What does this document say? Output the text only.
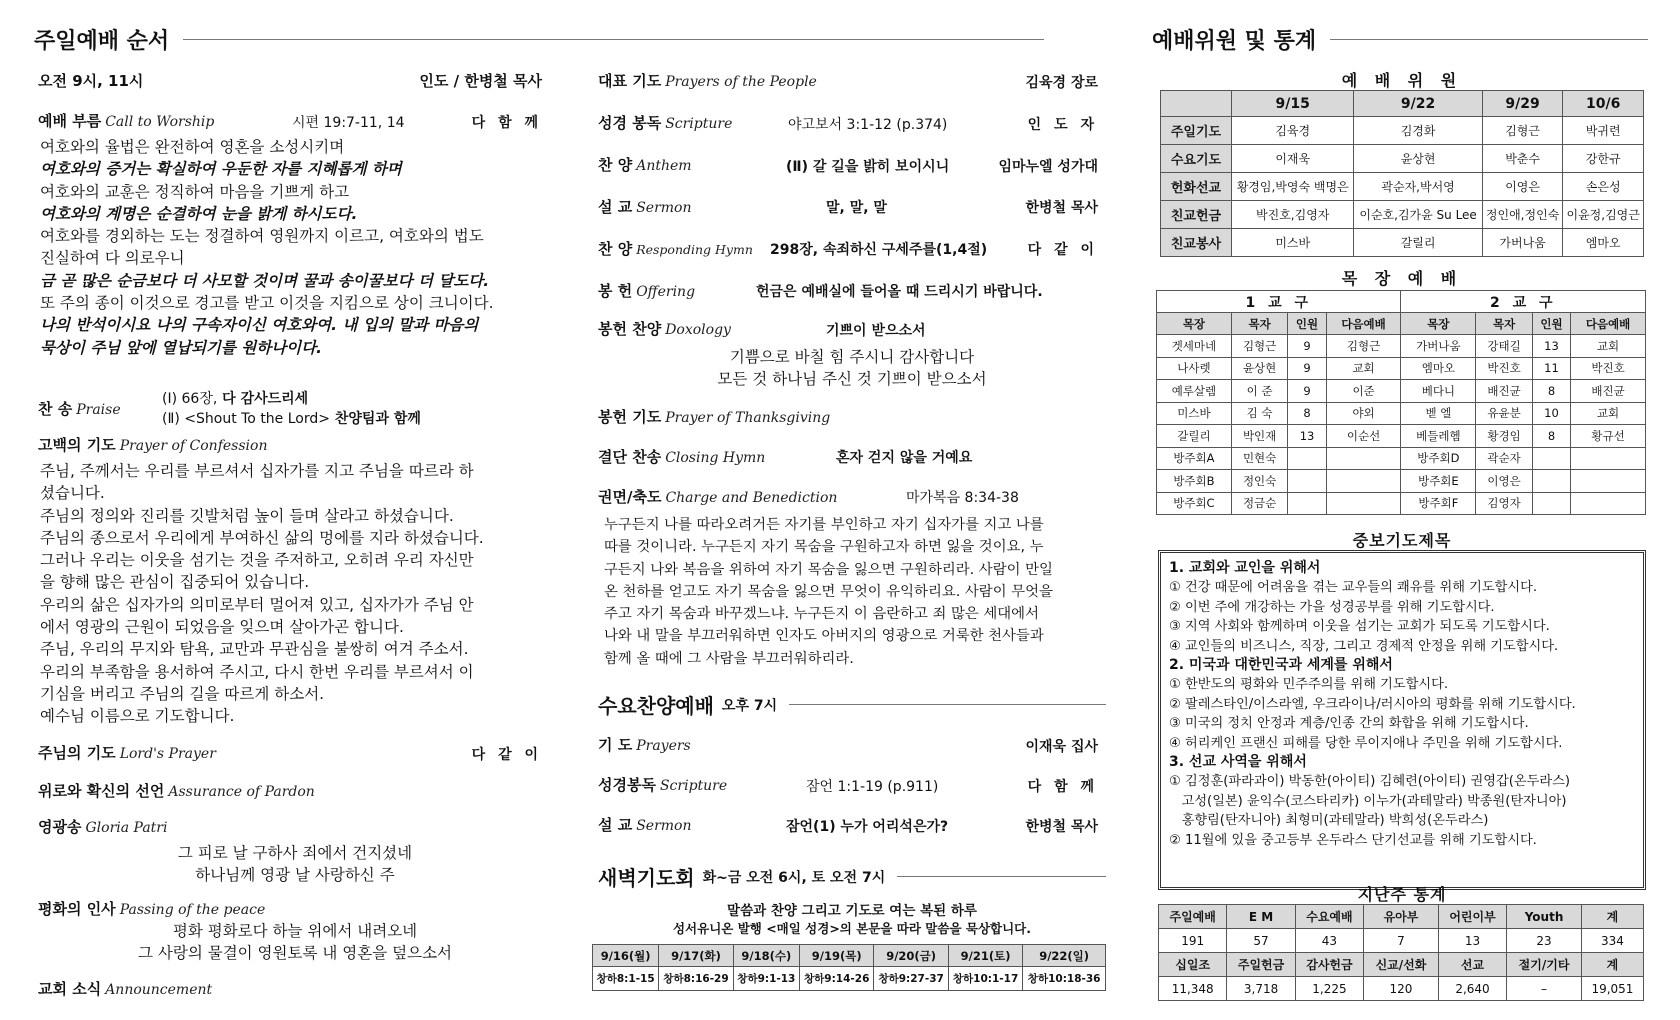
주일예배 순서
오전 9시, 11시	인도 / 한병철 목사
예배 부름 Call to Worship	시편 19:7-11, 14	다 함 께
여호와의 율법은 완전하여 영혼을 소성시키며
여호와의 증거는 확실하여 우둔한 자를 지혜롭게 하며
여호와의 교훈은 정직하여 마음을 기쁘게 하고
여호와의 계명은 순결하여 눈을 밝게 하시도다.
여호와를 경외하는 도는 정결하여 영원까지 이르고, 여호와의 법도
진실하여 다 의로우니
금 곧 많은 순금보다 더 사모할 것이며 꿀과 송이꿀보다 더 달도다.
또 주의 종이 이것으로 경고를 받고 이것을 지킴으로 상이 크니이다.
나의 반석이시요 나의 구속자이신 여호와여. 내 입의 말과 마음의
묵상이 주님 앞에 열납되기를 원하나이다.
찬 송 Praise
(Ⅰ) 66장, 다 감사드리세
(Ⅱ) <Shout To the Lord> 찬양팀과 함께
고백의 기도 Prayer of Confession
주님, 주께서는 우리를 부르셔서 십자가를 지고 주님을 따르라 하
셨습니다.
주님의 정의와 진리를 깃발처럼 높이 들며 살라고 하셨습니다.
주님의 종으로서 우리에게 부여하신 삶의 멍에를 지라 하셨습니다.
그러나 우리는 이웃을 섬기는 것을 주저하고, 오히려 우리 자신만
을 향해 많은 관심이 집중되어 있습니다.
우리의 삶은 십자가의 의미로부터 멀어져 있고, 십자가가 주님 안
에서 영광의 근원이 되었음을 잊으며 살아가곤 합니다.
주님, 우리의 무지와 탐욕, 교만과 무관심을 불쌍히 여겨 주소서.
우리의 부족함을 용서하여 주시고, 다시 한번 우리를 부르셔서 이
기심을 버리고 주님의 길을 따르게 하소서.
예수님 이름으로 기도합니다.
주님의 기도 Lord's Prayer	다 같 이
위로와 확신의 선언 Assurance of Pardon
영광송 Gloria Patri
그 피로 날 구하사 죄에서 건지셨네
하나님께 영광 날 사랑하신 주
평화의 인사 Passing of the peace
평화 평화로다 하늘 위에서 내려오네
그 사랑의 물결이 영원토록 내 영혼을 덮으소서
교회 소식 Announcement
대표 기도 Prayers of the People	김육경 장로
성경 봉독 Scripture	야고보서 3:1-12 (p.374)	인 도 자
찬 양 Anthem	(Ⅱ) 갈 길을 밝히 보이시니	임마누엘 성가대
설 교 Sermon	말, 말, 말	한병철 목사
찬 양 Responding Hymn 298장, 속죄하신 구세주를(1,4절)	다 같 이
봉 헌 Offering	헌금은 예배실에 들어올 때 드리시기 바랍니다.
봉헌 찬양 Doxology	기쁘이 받으소서
기쁨으로 바칠 힘 주시니 감사합니다
모든 것 하나님 주신 것 기쁘이 받으소서
봉헌 기도 Prayer of Thanksgiving
결단 찬송 Closing Hymn	혼자 걷지 않을 거예요
권면/축도 Charge and Benediction	마가복음 8:34-38
누구든지 나를 따라오려거든 자기를 부인하고 자기 십자가를 지고 나를
따를 것이니라. 누구든지 자기 목숨을 구원하고자 하면 잃을 것이요, 누
구든지 나와 복음을 위하여 자기 목숨을 잃으면 구원하리라. 사람이 만일
온 천하를 얻고도 자기 목숨을 잃으면 무엇이 유익하리요. 사람이 무엇을
주고 자기 목숨과 바꾸겠느냐. 누구든지 이 음란하고 죄 많은 세대에서
나와 내 말을 부끄러워하면 인자도 아버지의 영광으로 거룩한 천사들과
함께 올 때에 그 사람을 부끄러워하리라.
수요찬양예배 오후 7시
기 도 Prayers	이재욱 집사
성경봉독 Scripture	잠언 1:1-19 (p.911)	다 함 께
설 교 Sermon	잠언(1) 누가 어리석은가?	한병철 목사
새벽기도회 화~금 오전 6시, 토 오전 7시
말씀과 찬양 그리고 기도로 여는 복된 하루
성서유니온 발행 <매일 성경>의 본문을 따라 말씀을 묵상합니다.
9/16(월)	9/17(화)	9/18(수)	9/19(목)	9/20(금)	9/21(토)	9/22(일)
창하8:1-15	창하8:16-29	창하9:1-13	창하9:14-26	창하9:27-37	창하10:1-17	창하10:18-36
예배위원 및 통계
예 배 위 원
	9/15	9/22	9/29	10/6
주일기도	김육경	김경화	김형근	박귀련
수요기도	이재욱	윤상현	박춘수	강한규
헌화선교	황경임,박영숙 백명은	곽순자,박서영	이영은	손은성
친교헌금	박진호,김영자	이순호,김가윤 Su Lee	정인애,정인숙	이윤정,김영근
친교봉사	미스바	갈릴리	가버나움	엠마오
목 장 예 배
1 교 구				2 교 구			
목장	목자	인원	다음예배	목장	목자	인원	다음예배
겟세마네	김형근	9	김형근	가버나움	강태길	13	교회
나사렛	윤상현	9	교회	엠마오	박진호	11	박진호
예루살렘	이 준	9	이준	베다니	배진균	8	배진균
미스바	김 숙	8	야외	벧 엘	유윤분	10	교회
갈릴리	박인재	13	이순선	베들레헴	황경임	8	황규선
방주회A	민현숙			방주회D	곽순자		
방주회B	정인숙			방주회E	이영은		
방주회C	정금순			방주회F	김영자		
중보기도제목
1. 교회와 교인을 위해서
① 건강 때문에 어려움을 겪는 교우들의 쾌유를 위해 기도합시다.
② 이번 주에 개강하는 가을 성경공부를 위해 기도합시다.
③ 지역 사회와 함께하며 이웃을 섬기는 교회가 되도록 기도합시다.
④ 교인들의 비즈니스, 직장, 그리고 경제적 안정을 위해 기도합시다.
2. 미국과 대한민국과 세계를 위해서
① 한반도의 평화와 민주주의를 위해 기도합시다.
② 팔레스타인/이스라엘, 우크라이나/러시아의 평화를 위해 기도합시다.
③ 미국의 정치 안정과 계층/인종 간의 화합을 위해 기도합시다.
④ 허리케인 프랜신 피해를 당한 루이지애나 주민을 위해 기도합시다.
3. 선교 사역을 위해서
① 김정훈(파라과이) 박동한(아이티) 김혜련(아이티) 권영갑(온두라스)
고성(일본) 윤익수(코스타리카) 이누가(과테말라) 박종원(탄자니아)
홍향림(탄자니아) 최형미(과테말라) 박희성(온두라스)
② 11월에 있을 중고등부 온두라스 단기선교를 위해 기도합시다.
지난주 통계
주일예배	E M	수요예배	유아부	어린이부	Youth	계
191	57	43	7	13	23	334
십일조	주일헌금	감사헌금	신교/선화	선교	절기/기타	계
11,348	3,718	1,225	120	2,640	–	19,051
